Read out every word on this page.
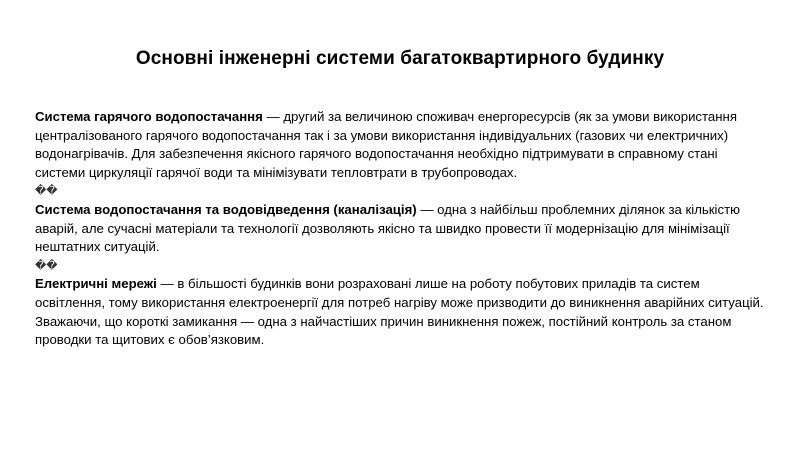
Основні інженерні системи багатоквартирного будинку

Система гарячого водопостачання — другий за величиною споживач енергоресурсів (як за умови використання централізованого гарячого водопостачання так і за умови використання індивідуальних (газових чи електричних) водонагрівачів. Для забезпечення якісного гарячого водопостачання необхідно підтримувати в справному стані системи циркуляції гарячої води та мінімізувати тепловтрати в трубопроводах.

��

Система водопостачання та водовідведення (каналізація) — одна з найбільш проблемних ділянок за кількістю аварій, але сучасні матеріали та технології дозволяють якісно та швидко провести її модернізацію для мінімізації нештатних ситуацій.

��

Електричні мережі — в більшості будинків вони розраховані лише на роботу побутових приладів та систем освітлення, тому використання електроенергії для потреб нагріву може призводити до виникнення аварійних ситуацій. Зважаючи, що короткі замикання — одна з найчастіших причин виникнення пожеж, постійний контроль за станом проводки та щитових є обов’язковим.
